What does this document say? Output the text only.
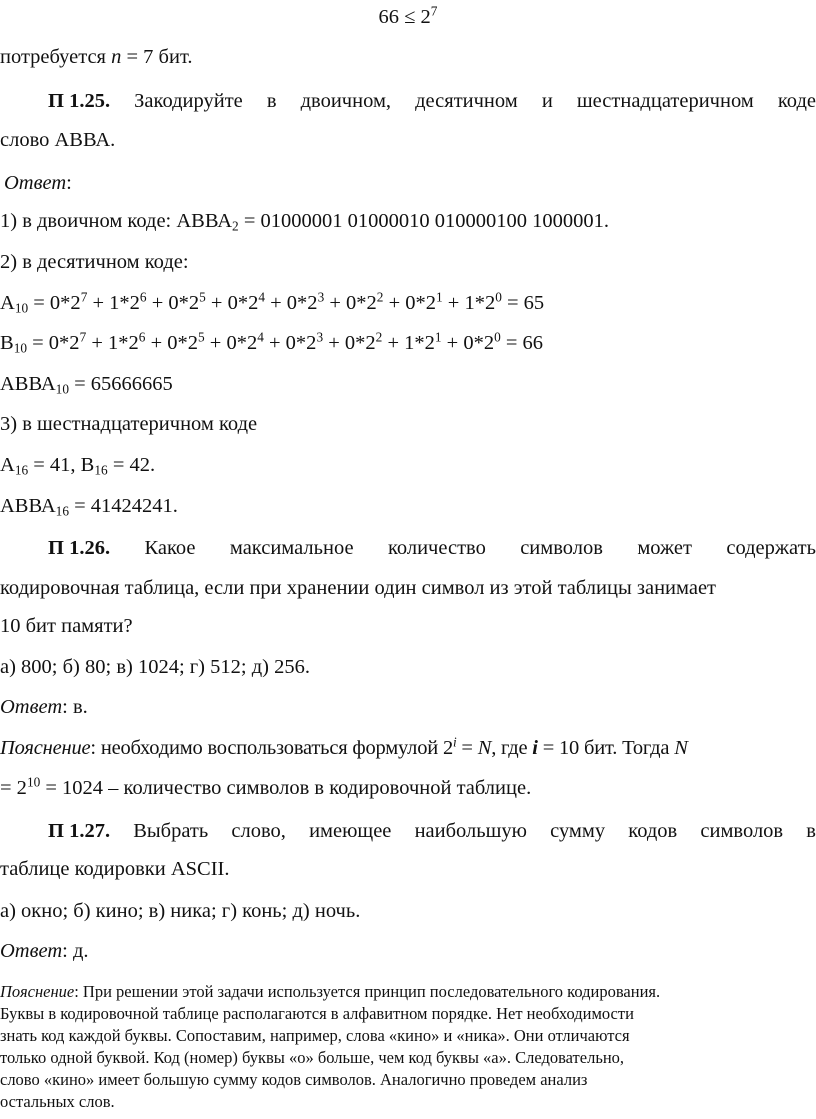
$66 \le 2^7$
потребуется n = 7 бит.
П 1.25. Закодируйте в двоичном, десятичном и шестнадцатеричном коде
слово АВВА.
Ответ:
1) в двоичном коде: $АВВА_2 = 01000001$ 01000010 010000100 1000001.
2) в десятичном коде:
$А_{10} = 0*2^7 + 1*2^6 + 0*2^5 + 0*2^4 + 0*2^3 + 0*2^2 + 0*2^1 + 1*2^0 = 65$
$В_{10} = 0*2^7 + 1*2^6 + 0*2^5 + 0*2^4 + 0*2^3 + 0*2^2 + 1*2^1 + 0*2^0 = 66$
$АВВА_{10} = 65666665$
3) в шестнадцатеричном коде
$А_{16} = 41$, $В_{16} = 42$.
$АВВА_{16} = 41424241$.
П 1.26. Какое максимальное количество символов может содержать
кодировочная таблица, если при хранении один символ из этой таблицы занимает
10 бит памяти?
а) 800; б) 80; в) 1024; г) 512; д) 256.
Ответ: в.
Пояснение: необходимо воспользоваться формулой $2^i = N$, где i = 10 бит. Тогда N
= $2^{10} = 1024$ – количество символов в кодировочной таблице.
П 1.27. Выбрать слово, имеющее наибольшую сумму кодов символов в
таблице кодировки ASCII.
а) окно; б) кино; в) ника; г) конь; д) ночь.
Ответ: д.
Пояснение: При решении этой задачи используется принцип последовательного кодирования.
Буквы в кодировочной таблице располагаются в алфавитном порядке. Нет необходимости
знать код каждой буквы. Сопоставим, например, слова «кино» и «ника». Они отличаются
только одной буквой. Код (номер) буквы «о» больше, чем код буквы «а». Следовательно,
слово «кино» имеет большую сумму кодов символов. Аналогично проведем анализ
остальных слов.
